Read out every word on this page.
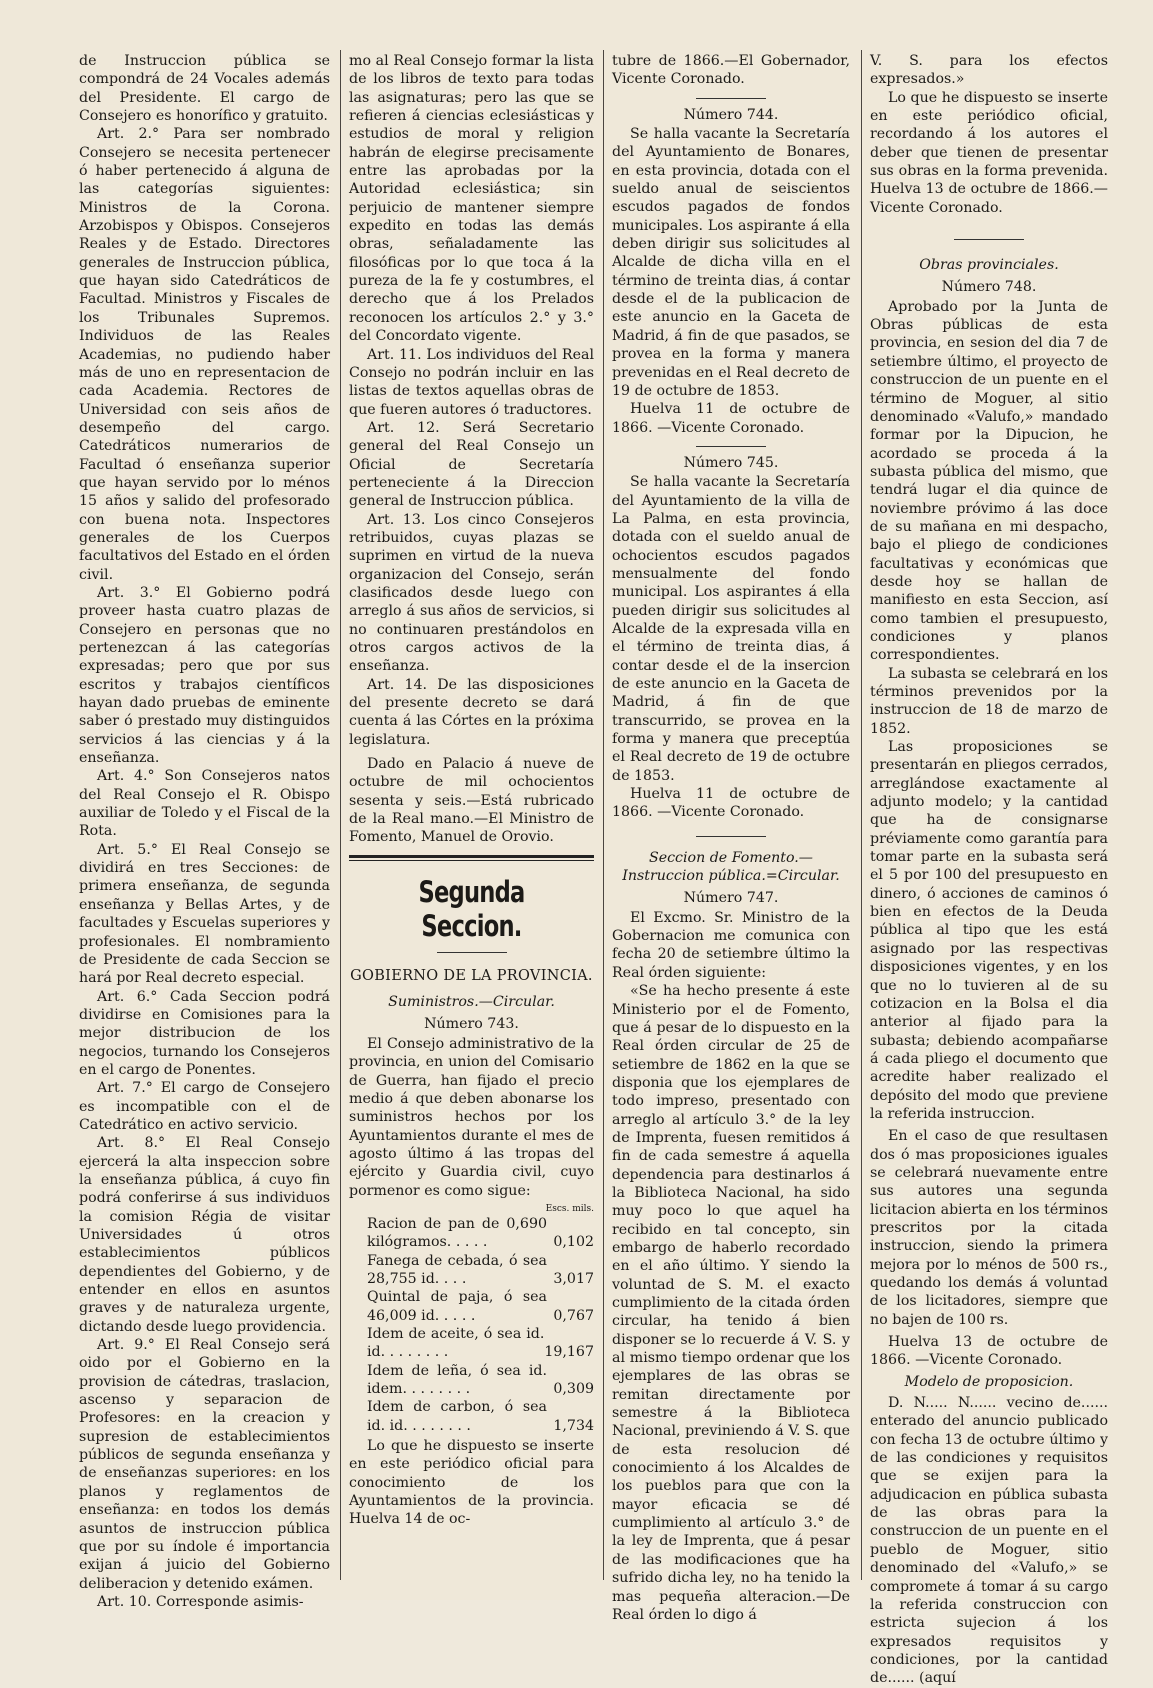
de Instruccion pública se compondrá de 24 Vocales además del Presidente. El cargo de Consejero es honorífico y gratuito.

Art. 2.° Para ser nombrado Consejero se necesita pertenecer ó haber pertenecido á alguna de las categorías siguientes: Ministros de la Corona. Arzobispos y Obispos. Consejeros Reales y de Estado. Directores generales de Instruccion pública, que hayan sido Catedráticos de Facultad. Ministros y Fiscales de los Tribunales Supremos. Individuos de las Reales Academias, no pudiendo haber más de uno en representacion de cada Academia. Rectores de Universidad con seis años de desempeño del cargo. Catedráticos numerarios de Facultad ó enseñanza superior que hayan servido por lo ménos 15 años y salido del profesorado con buena nota. Inspectores generales de los Cuerpos facultativos del Estado en el órden civil.

Art. 3.° El Gobierno podrá proveer hasta cuatro plazas de Consejero en personas que no pertenezcan á las categorías expresadas; pero que por sus escritos y trabajos científicos hayan dado pruebas de eminente saber ó prestado muy distinguidos servicios á las ciencias y á la enseñanza.

Art. 4.° Son Consejeros natos del Real Consejo el R. Obispo auxiliar de Toledo y el Fiscal de la Rota.

Art. 5.° El Real Consejo se dividirá en tres Secciones: de primera enseñanza, de segunda enseñanza y Bellas Artes, y de facultades y Escuelas superiores y profesionales. El nombramiento de Presidente de cada Seccion se hará por Real decreto especial.

Art. 6.° Cada Seccion podrá dividirse en Comisiones para la mejor distribucion de los negocios, turnando los Consejeros en el cargo de Ponentes.

Art. 7.° El cargo de Consejero es incompatible con el de Catedrático en activo servicio.

Art. 8.° El Real Consejo ejercerá la alta inspeccion sobre la enseñanza pública, á cuyo fin podrá conferirse á sus individuos la comision Régia de visitar Universidades ú otros establecimientos públicos dependientes del Gobierno, y de entender en ellos en asuntos graves y de naturaleza urgente, dictando desde luego providencia.

Art. 9.° El Real Consejo será oido por el Gobierno en la provision de cátedras, traslacion, ascenso y separacion de Profesores: en la creacion y supresion de establecimientos públicos de segunda enseñanza y de enseñanzas superiores: en los planos y reglamentos de enseñanza: en todos los demás asuntos de instruccion pública que por su índole é importancia exijan á juicio del Gobierno deliberacion y detenido exámen.

Art. 10. Corresponde asimis-

mo al Real Consejo formar la lista de los libros de texto para todas las asignaturas; pero las que se refieren á ciencias eclesiásticas y estudios de moral y religion habrán de elegirse precisamente entre las aprobadas por la Autoridad eclesiástica; sin perjuicio de mantener siempre expedito en todas las demás obras, señaladamente las filosóficas por lo que toca á la pureza de la fe y costumbres, el derecho que á los Prelados reconocen los artículos 2.° y 3.° del Concordato vigente.

Art. 11. Los individuos del Real Consejo no podrán incluir en las listas de textos aquellas obras de que fueren autores ó traductores.

Art. 12. Será Secretario general del Real Consejo un Oficial de Secretaría perteneciente á la Direccion general de Instruccion pública.

Art. 13. Los cinco Consejeros retribuidos, cuyas plazas se suprimen en virtud de la nueva organizacion del Consejo, serán clasificados desde luego con arreglo á sus años de servicios, si no continuaren prestándolos en otros cargos activos de la enseñanza.

Art. 14. De las disposiciones del presente decreto se dará cuenta á las Córtes en la próxima legislatura.

Dado en Palacio á nueve de octubre de mil ochocientos sesenta y seis.—Está rubricado de la Real mano.—El Ministro de Fomento, Manuel de Orovio.

Segunda Seccion.
GOBIERNO DE LA PROVINCIA.

Suministros.—Circular.

Número 743.

El Consejo administrativo de la provincia, en union del Comisario de Guerra, han fijado el precio medio á que deben abonarse los suministros hechos por los Ayuntamientos durante el mes de agosto último á las tropas del ejército y Guardia civil, cuyo pormenor es como sigue:

Escs. mils.
Racion de pan de 0,690 kilógramos. . . . .	0,102
Fanega de cebada, ó sea 28,755 id. . . .	3,017
Quintal de paja, ó sea 46,009 id. . . . .	0,767
Idem de aceite, ó sea id. id. . . . . . . .	19,167
Idem de leña, ó sea id. idem. . . . . . . .	0,309
Idem de carbon, ó sea id. id. . . . . . . .	1,734

Lo que he dispuesto se inserte en este periódico oficial para conocimiento de los Ayuntamientos de la provincia. Huelva 14 de oc-

tubre de 1866.—El Gobernador, Vicente Coronado.

Número 744.

Se halla vacante la Secretaría del Ayuntamiento de Bonares, en esta provincia, dotada con el sueldo anual de seiscientos escudos pagados de fondos municipales. Los aspirante á ella deben dirigir sus solicitudes al Alcalde de dicha villa en el término de treinta dias, á contar desde el de la publicacion de este anuncio en la Gaceta de Madrid, á fin de que pasados, se provea en la forma y manera prevenidas en el Real decreto de 19 de octubre de 1853.

Huelva 11 de octubre de 1866. —Vicente Coronado.

Número 745.

Se halla vacante la Secretaría del Ayuntamiento de la villa de La Palma, en esta provincia, dotada con el sueldo anual de ochocientos escudos pagados mensualmente del fondo municipal. Los aspirantes á ella pueden dirigir sus solicitudes al Alcalde de la expresada villa en el término de treinta dias, á contar desde el de la insercion de este anuncio en la Gaceta de Madrid, á fin de que transcurrido, se provea en la forma y manera que preceptúa el Real decreto de 19 de octubre de 1853.

Huelva 11 de octubre de 1866. —Vicente Coronado.

Seccion de Fomento.—Instruccion pública.=Circular.

Número 747.

El Excmo. Sr. Ministro de la Gobernacion me comunica con fecha 20 de setiembre último la Real órden siguiente:

«Se ha hecho presente á este Ministerio por el de Fomento, que á pesar de lo dispuesto en la Real órden circular de 25 de setiembre de 1862 en la que se disponia que los ejemplares de todo impreso, presentado con arreglo al artículo 3.° de la ley de Imprenta, fuesen remitidos á fin de cada semestre á aquella dependencia para destinarlos á la Biblioteca Nacional, ha sido muy poco lo que aquel ha recibido en tal concepto, sin embargo de haberlo recordado en el año último. Y siendo la voluntad de S. M. el exacto cumplimiento de la citada órden circular, ha tenido á bien disponer se lo recuerde á V. S. y al mismo tiempo ordenar que los ejemplares de las obras se remitan directamente por semestre á la Biblioteca Nacional, previniendo á V. S. que de esta resolucion dé conocimiento á los Alcaldes de los pueblos para que con la mayor eficacia se dé cumplimiento al artículo 3.° de la ley de Imprenta, que á pesar de las modificaciones que ha sufrido dicha ley, no ha tenido la mas pequeña alteracion.—De Real órden lo digo á

V. S. para los efectos expresados.»

Lo que he dispuesto se inserte en este periódico oficial, recordando á los autores el deber que tienen de presentar sus obras en la forma prevenida. Huelva 13 de octubre de 1866.—Vicente Coronado.

Obras provinciales.

Número 748.

Aprobado por la Junta de Obras públicas de esta provincia, en sesion del dia 7 de setiembre último, el proyecto de construccion de un puente en el término de Moguer, al sitio denominado «Valufo,» mandado formar por la Dipucion, he acordado se proceda á la subasta pública del mismo, que tendrá lugar el dia quince de noviembre próvimo á las doce de su mañana en mi despacho, bajo el pliego de condiciones facultativas y económicas que desde hoy se hallan de manifiesto en esta Seccion, así como tambien el presupuesto, condiciones y planos correspondientes.

La subasta se celebrará en los términos prevenidos por la instruccion de 18 de marzo de 1852.

Las proposiciones se presentarán en pliegos cerrados, arreglándose exactamente al adjunto modelo; y la cantidad que ha de consignarse préviamente como garantía para tomar parte en la subasta será el 5 por 100 del presupuesto en dinero, ó acciones de caminos ó bien en efectos de la Deuda pública al tipo que les está asignado por las respectivas disposiciones vigentes, y en los que no lo tuvieren al de su cotizacion en la Bolsa el dia anterior al fijado para la subasta; debiendo acompañarse á cada pliego el documento que acredite haber realizado el depósito del modo que previene la referida instruccion.

En el caso de que resultasen dos ó mas proposiciones iguales se celebrará nuevamente entre sus autores una segunda licitacion abierta en los términos prescritos por la citada instruccion, siendo la primera mejora por lo ménos de 500 rs., quedando los demás á voluntad de los licitadores, siempre que no bajen de 100 rs.

Huelva 13 de octubre de 1866. —Vicente Coronado.

Modelo de proposicion.

D. N..... N...... vecino de...... enterado del anuncio publicado con fecha 13 de octubre último y de las condiciones y requisitos que se exijen para la adjudicacion en pública subasta de las obras para la construccion de un puente en el pueblo de Moguer, sitio denominado del «Valufo,» se compromete á tomar á su cargo la referida construccion con estricta sujecion á los expresados requisitos y condiciones, por la cantidad de...... (aquí
